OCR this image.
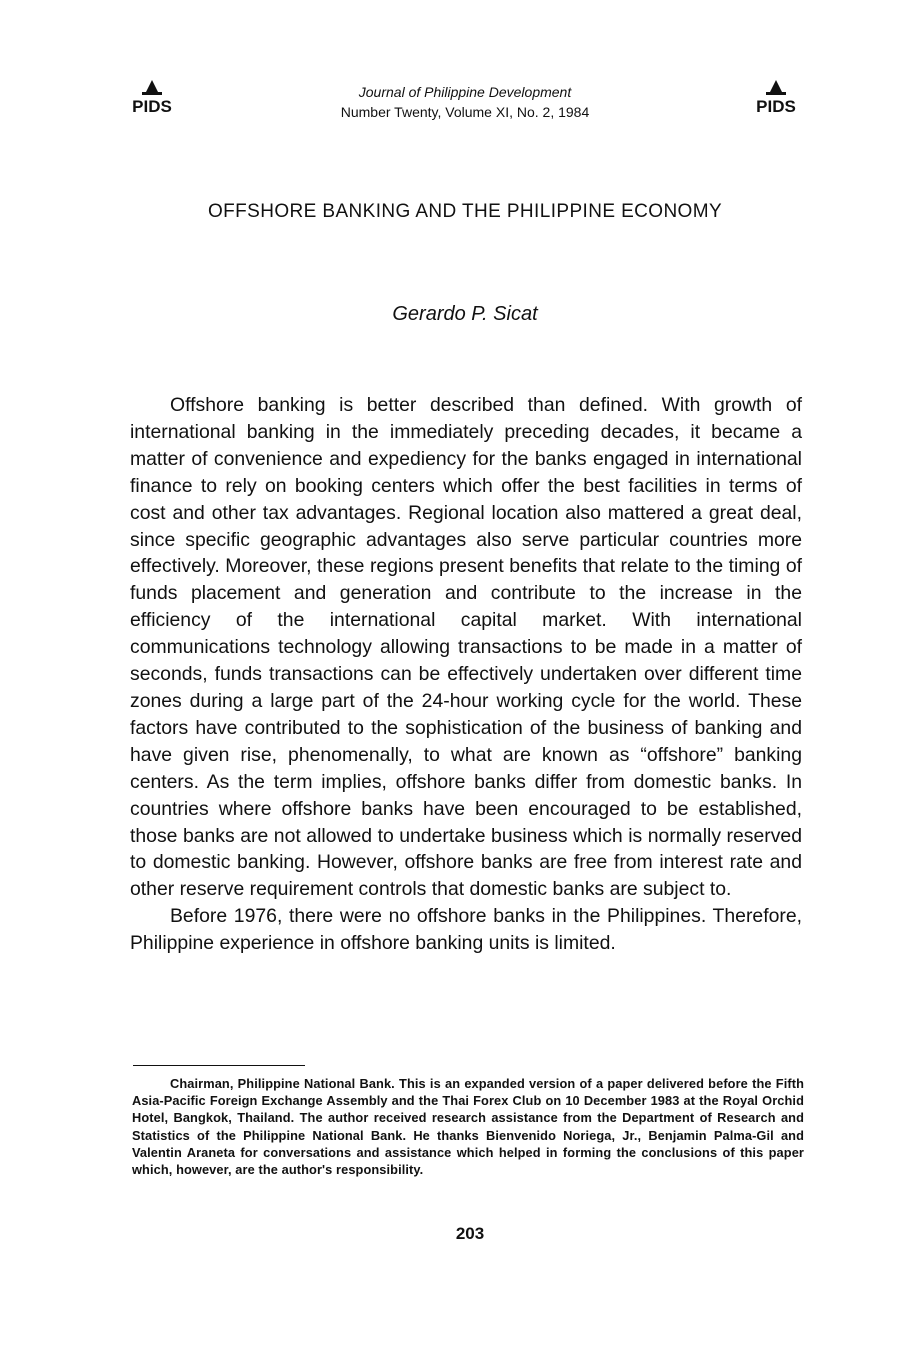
PIDS
Journal of Philippine Development
Number Twenty, Volume XI, No. 2, 1984	PIDS
OFFSHORE BANKING AND THE PHILIPPINE ECONOMY
Gerardo P. Sicat

Offshore banking is better described than defined. With growth of international banking in the immediately preceding decades, it became a matter of convenience and expediency for the banks engaged in international finance to rely on booking centers which offer the best facilities in terms of cost and other tax advantages. Regional location also mattered a great deal, since specific geographic advantages also serve particular countries more effectively. Moreover, these regions present benefits that relate to the timing of funds placement and generation and contribute to the increase in the efficiency of the international capital market. With international communications technology allowing transactions to be made in a matter of seconds, funds transactions can be effectively undertaken over different time zones during a large part of the 24-hour working cycle for the world. These factors have contributed to the sophistication of the business of banking and have given rise, phenomenally, to what are known as “offshore” banking centers. As the term implies, offshore banks differ from domestic banks. In countries where offshore banks have been encouraged to be established, those banks are not allowed to undertake business which is normally reserved to domestic banking. However, offshore banks are free from interest rate and other reserve requirement controls that domestic banks are subject to.

Before 1976, there were no offshore banks in the Philippines. Therefore, Philippine experience in offshore banking units is limited.

Chairman, Philippine National Bank. This is an expanded version of a paper delivered before the Fifth Asia-Pacific Foreign Exchange Assembly and the Thai Forex Club on 10 December 1983 at the Royal Orchid Hotel, Bangkok, Thailand. The author received research assistance from the Department of Research and Statistics of the Philippine National Bank. He thanks Bienvenido Noriega, Jr., Benjamin Palma-Gil and Valentin Araneta for conversations and assistance which helped in forming the conclusions of this paper which, however, are the author's responsibility.

203
